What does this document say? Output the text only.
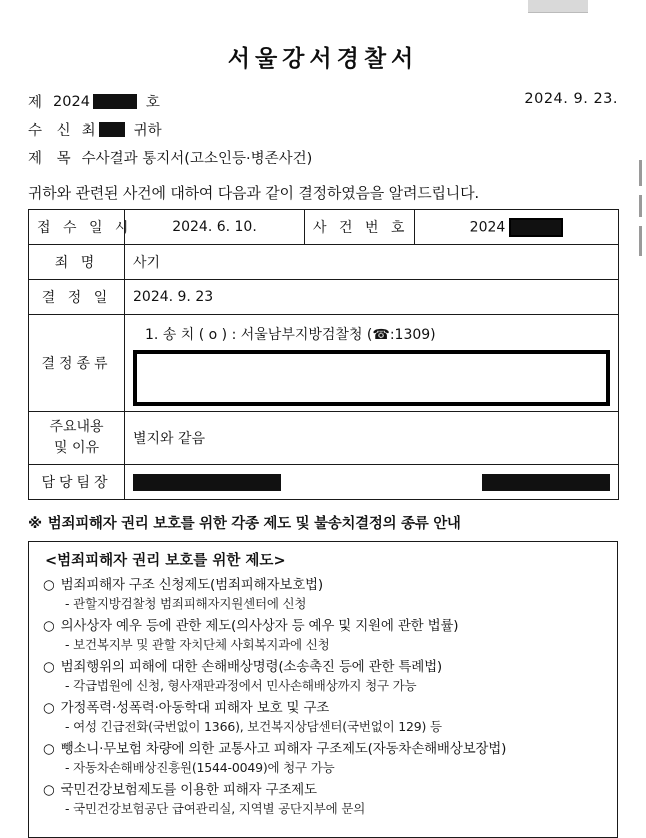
서울강서경찰서
제 2024	호	2024. 9. 23.
수 신 최	귀하
제 목 수사결과 통지서(고소인등·병존사건)
귀하와 관련된 사건에 대하여 다음과 같이 결정하였음을 알려드립니다.
접 수 일 시	2024. 6. 10.	사 건 번 호	2024
죄 명	사기		
결 정 일	2024. 9. 23		
결정종류	1. 송 치 ( o ) : 서울남부지방검찰청 (☎:1309)		

주요내용
및 이유	별지와 같음		
담당팀장			
※ 범죄피해자 권리 보호를 위한 각종 제도 및 불송치결정의 종류 안내
<범죄피해자 권리 보호를 위한 제도>
○ 범죄피해자 구조 신청제도(범죄피해자보호법)
- 관할지방검찰청 범죄피해자지원센터에 신청
○ 의사상자 예우 등에 관한 제도(의사상자 등 예우 및 지원에 관한 법률)
- 보건복지부 및 관할 자치단체 사회복지과에 신청
○ 범죄행위의 피해에 대한 손해배상명령(소송촉진 등에 관한 특례법)
- 각급법원에 신청, 형사재판과정에서 민사손해배상까지 청구 가능
○ 가정폭력·성폭력·아동학대 피해자 보호 및 구조
- 여성 긴급전화(국번없이 1366), 보건복지상담센터(국번없이 129) 등
○ 뺑소니·무보험 차량에 의한 교통사고 피해자 구조제도(자동차손해배상보장법)
- 자동차손해배상진흥원(1544-0049)에 청구 가능
○ 국민건강보험제도를 이용한 피해자 구조제도
- 국민건강보험공단 급여관리실, 지역별 공단지부에 문의
